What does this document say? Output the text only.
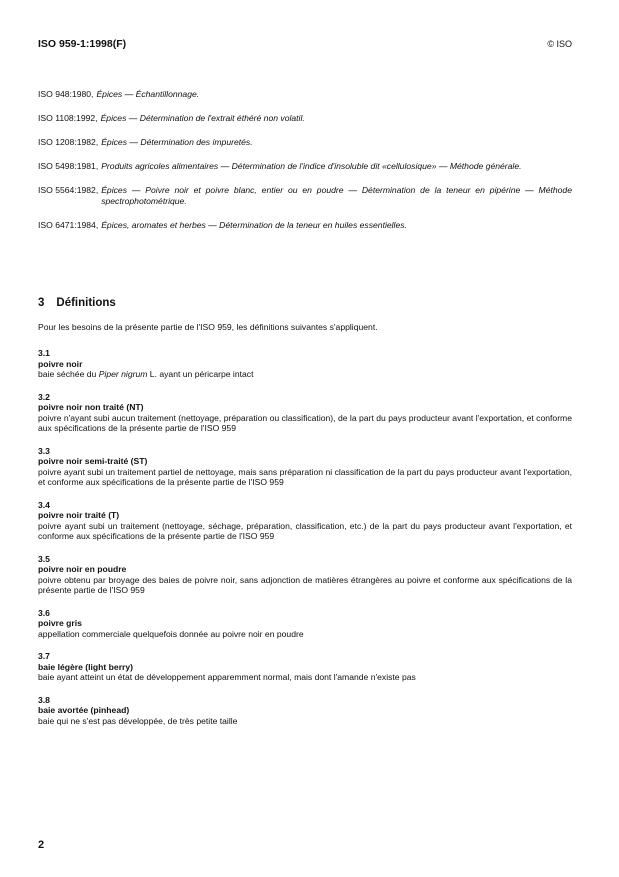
ISO 959-1:1998(F)	© ISO
ISO 948:1980, Épices — Échantillonnage.
ISO 1108:1992, Épices — Détermination de l'extrait éthéré non volatil.
ISO 1208:1982, Épices — Détermination des impuretés.
ISO 5498:1981, Produits agricoles alimentaires — Détermination de l'indice d'insoluble dit «cellulosique» — Méthode générale.
ISO 5564:1982, Épices — Poivre noir et poivre blanc, entier ou en poudre — Détermination de la teneur en pipérine — Méthode spectrophotométrique.
ISO 6471:1984, Épices, aromates et herbes — Détermination de la teneur en huiles essentielles.
3 Définitions
Pour les besoins de la présente partie de l'ISO 959, les définitions suivantes s'appliquent.
3.1
poivre noir
baie séchée du Piper nigrum L. ayant un péricarpe intact
3.2
poivre noir non traité (NT)
poivre n'ayant subi aucun traitement (nettoyage, préparation ou classification), de la part du pays producteur avant l'exportation, et conforme aux spécifications de la présente partie de l'ISO 959
3.3
poivre noir semi-traité (ST)
poivre ayant subi un traitement partiel de nettoyage, mais sans préparation ni classification de la part du pays producteur avant l'exportation, et conforme aux spécifications de la présente partie de l'ISO 959
3.4
poivre noir traité (T)
poivre ayant subi un traitement (nettoyage, séchage, préparation, classification, etc.) de la part du pays producteur avant l'exportation, et conforme aux spécifications de la présente partie de l'ISO 959
3.5
poivre noir en poudre
poivre obtenu par broyage des baies de poivre noir, sans adjonction de matières étrangères au poivre et conforme aux spécifications de la présente partie de l'ISO 959
3.6
poivre gris
appellation commerciale quelquefois donnée au poivre noir en poudre
3.7
baie légère (light berry)
baie ayant atteint un état de développement apparemment normal, mais dont l'amande n'existe pas
3.8
baie avortée (pinhead)
baie qui ne s'est pas développée, de très petite taille
2
